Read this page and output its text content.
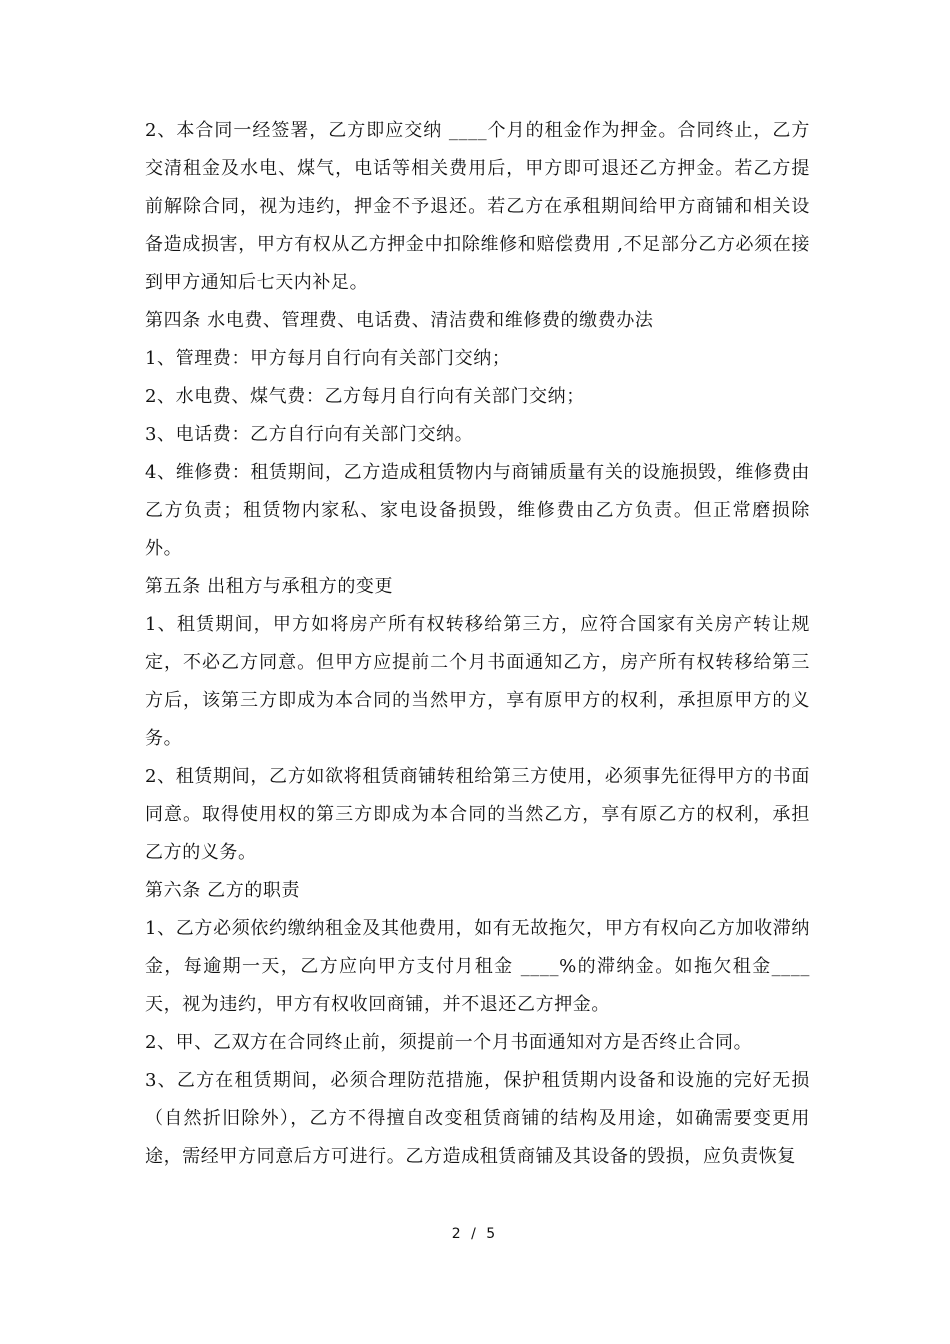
2、本合同一经签署，乙方即应交纳 ____个月的租金作为押金。合同终止，乙方交清租金及水电、煤气，电话等相关费用后，甲方即可退还乙方押金。若乙方提前解除合同，视为违约，押金不予退还。若乙方在承租期间给甲方商铺和相关设备造成损害，甲方有权从乙方押金中扣除维修和赔偿费用 ,不足部分乙方必须在接到甲方通知后七天内补足。

第四条 水电费、管理费、电话费、清洁费和维修费的缴费办法

1、管理费：甲方每月自行向有关部门交纳；

2、水电费、煤气费：乙方每月自行向有关部门交纳；

3、电话费：乙方自行向有关部门交纳。

4、维修费：租赁期间，乙方造成租赁物内与商铺质量有关的设施损毁，维修费由乙方负责；租赁物内家私、家电设备损毁，维修费由乙方负责。但正常磨损除外。

第五条 出租方与承租方的变更

1、租赁期间，甲方如将房产所有权转移给第三方，应符合国家有关房产转让规定，不必乙方同意。但甲方应提前二个月书面通知乙方，房产所有权转移给第三方后，该第三方即成为本合同的当然甲方，享有原甲方的权利，承担原甲方的义务。

2、租赁期间，乙方如欲将租赁商铺转租给第三方使用，必须事先征得甲方的书面同意。取得使用权的第三方即成为本合同的当然乙方，享有原乙方的权利，承担乙方的义务。

第六条 乙方的职责

1、乙方必须依约缴纳租金及其他费用，如有无故拖欠，甲方有权向乙方加收滞纳金，每逾期一天，乙方应向甲方支付月租金 ____%的滞纳金。如拖欠租金____天，视为违约，甲方有权收回商铺，并不退还乙方押金。

2、甲、乙双方在合同终止前，须提前一个月书面通知对方是否终止合同。

3、乙方在租赁期间，必须合理防范措施，保护租赁期内设备和设施的完好无损（自然折旧除外），乙方不得擅自改变租赁商铺的结构及用途，如确需要变更用途，需经甲方同意后方可进行。乙方造成租赁商铺及其设备的毁损，应负责恢复

2 / 5
